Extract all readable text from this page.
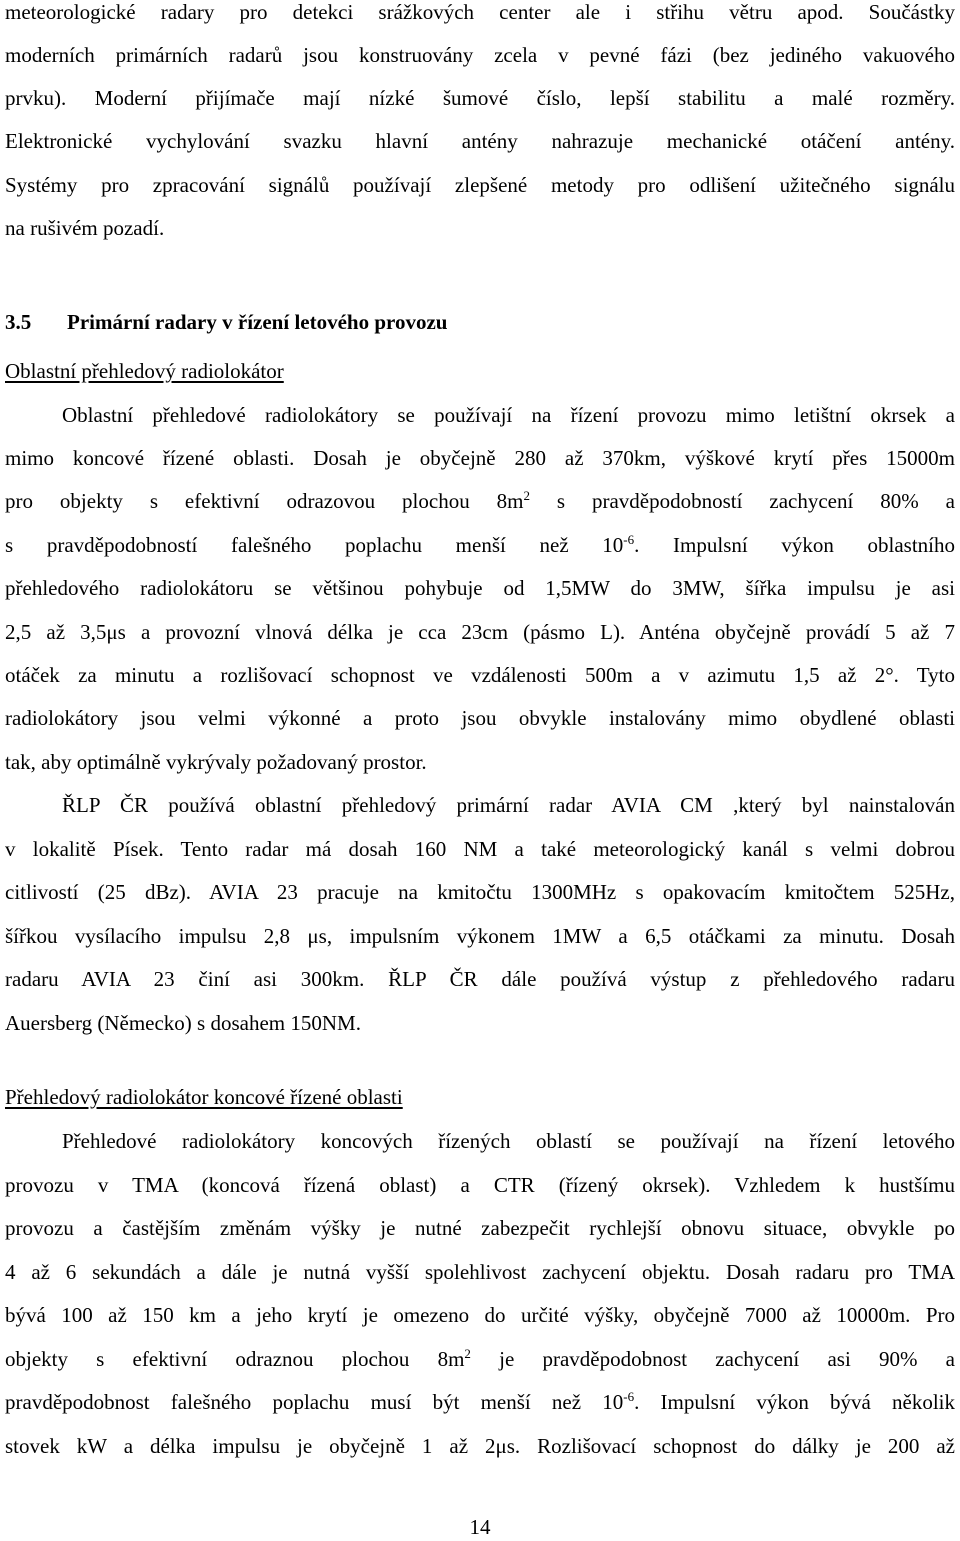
meteorologické radary pro detekci srážkových center ale i střihu větru apod. Součástky
moderních primárních radarů jsou konstruovány zcela v pevné fázi (bez jediného vakuového
prvku). Moderní přijímače mají nízké šumové číslo, lepší stabilitu a malé rozměry.
Elektronické vychylování svazku hlavní antény nahrazuje mechanické otáčení antény.
Systémy pro zpracování signálů používají zlepšené metody pro odlišení užitečného signálu
na rušivém pozadí.
3.5 Primární radary v řízení letového provozu
Oblastní přehledový radiolokátor
Oblastní přehledové radiolokátory se používají na řízení provozu mimo letištní okrsek a
mimo koncové řízené oblasti. Dosah je obyčejně 280 až 370km, výškové krytí přes 15000m
pro objekty s efektivní odrazovou plochou $8m^2$ s pravděpodobností zachycení 80% a
s pravděpodobností falešného poplachu menší než $10^{-6}$. Impulsní výkon oblastního
přehledového radiolokátoru se většinou pohybuje od 1,5MW do 3MW, šířka impulsu je asi
2,5 až 3,5μs a provozní vlnová délka je cca 23cm (pásmo L). Anténa obyčejně provádí 5 až 7
otáček za minutu a rozlišovací schopnost ve vzdálenosti 500m a v azimutu 1,5 až 2°. Tyto
radiolokátory jsou velmi výkonné a proto jsou obvykle instalovány mimo obydlené oblasti
tak, aby optimálně vykrývaly požadovaný prostor.
ŘLP ČR používá oblastní přehledový primární radar AVIA CM ,který byl nainstalován
v lokalitě Písek. Tento radar má dosah 160 NM a také meteorologický kanál s velmi dobrou
citlivostí (25 dBz). AVIA 23 pracuje na kmitočtu 1300MHz s opakovacím kmitočtem 525Hz,
šířkou vysílacího impulsu 2,8 μs, impulsním výkonem 1MW a 6,5 otáčkami za minutu. Dosah
radaru AVIA 23 činí asi 300km. ŘLP ČR dále používá výstup z přehledového radaru
Auersberg (Německo) s dosahem 150NM.
Přehledový radiolokátor koncové řízené oblasti
Přehledové radiolokátory koncových řízených oblastí se používají na řízení letového
provozu v TMA (koncová řízená oblast) a CTR (řízený okrsek). Vzhledem k hustšímu
provozu a častějším změnám výšky je nutné zabezpečit rychlejší obnovu situace, obvykle po
4 až 6 sekundách a dále je nutná vyšší spolehlivost zachycení objektu. Dosah radaru pro TMA
bývá 100 až 150 km a jeho krytí je omezeno do určité výšky, obyčejně 7000 až 10000m. Pro
objekty s efektivní odraznou plochou $8m^2$ je pravděpodobnost zachycení asi 90% a
pravděpodobnost falešného poplachu musí být menší než $10^{-6}$. Impulsní výkon bývá několik
stovek kW a délka impulsu je obyčejně 1 až 2μs. Rozlišovací schopnost do dálky je 200 až
14
